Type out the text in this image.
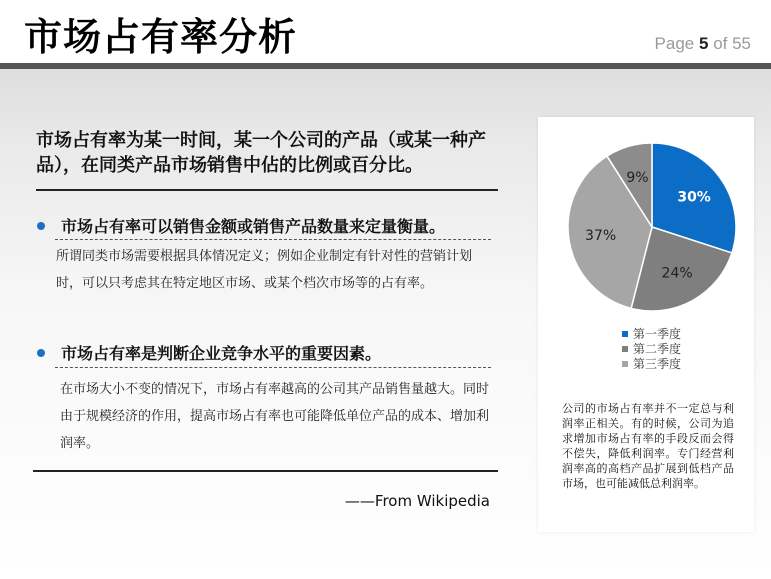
市场占有率分析	Page 5 of 55
市场占有率为某一时间，某一个公司的产品（或某一种产品），在同类产品市场销售中佔的比例或百分比。
市场占有率可以销售金额或销售产品数量来定量衡量。
所谓同类市场需要根据具体情况定义；例如企业制定有针对性的营销计划时，可以只考虑其在特定地区市场、或某个档次市场等的占有率。
市场占有率是判断企业竞争水平的重要因素。
在市场大小不变的情况下，市场占有率越高的公司其产品销售量越大。同时由于规模经济的作用，提高市场占有率也可能降低单位产品的成本、增加利润率。
——From Wikipedia
30%
24%
37%
9%
第一季度
第二季度
第三季度
公司的市场占有率并不一定总与利润率正相关。有的时候，公司为追求增加市场占有率的手段反而会得不偿失，降低利润率。专门经营利润率高的高档产品扩展到低档产品市场，也可能减低总利润率。
